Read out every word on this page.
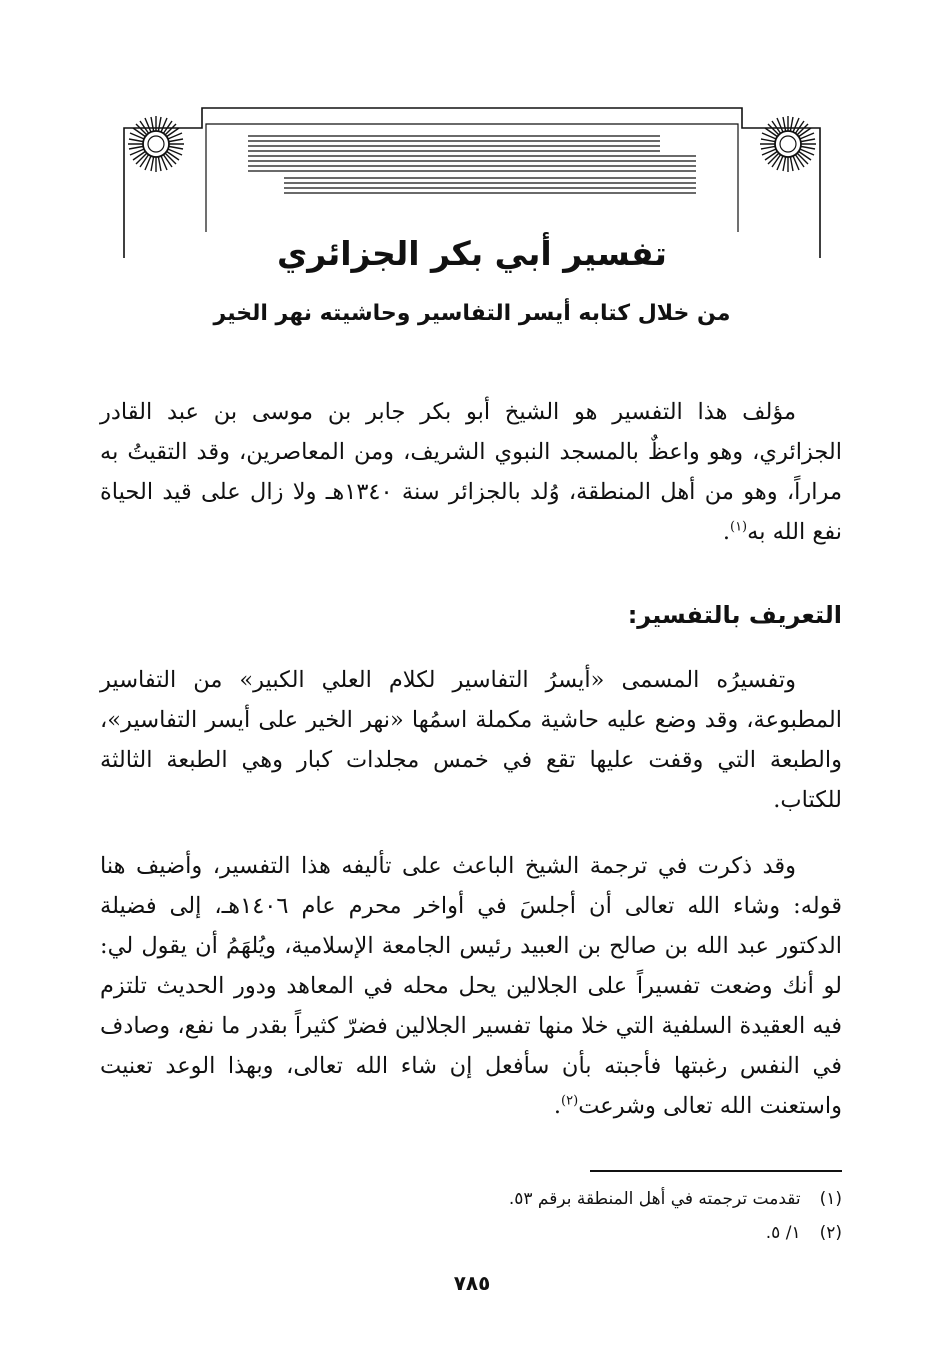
تفسير أبي بكر الجزائري
من خلال كتابه أيسر التفاسير وحاشيته نهر الخير

مؤلف هذا التفسير هو الشيخ أبو بكر جابر بن موسى بن عبد القادر الجزائري، وهو واعظٌ بالمسجد النبوي الشريف، ومن المعاصرين، وقد التقيتُ به مراراً، وهو من أهل المنطقة، وُلد بالجزائر سنة ١٣٤٠هـ ولا زال على قيد الحياة نفع الله به$^{(١)}$.

التعريف بالتفسير:

وتفسيرُه المسمى «أيسرُ التفاسير لكلام العلي الكبير» من التفاسير المطبوعة، وقد وضع عليه حاشية مكملة اسمُها «نهر الخير على أيسر التفاسير»، والطبعة التي وقفت عليها تقع في خمس مجلدات كبار وهي الطبعة الثالثة للكتاب.

وقد ذكرت في ترجمة الشيخ الباعث على تأليفه هذا التفسير، وأضيف هنا قوله: وشاء الله تعالى أن أجلسَ في أواخر محرم عام ١٤٠٦هـ، إلى فضيلة الدكتور عبد الله بن صالح بن العبيد رئيس الجامعة الإسلامية، ويُلهَمُ أن يقول لي: لو أنك وضعت تفسيراً على الجلالين يحل محله في المعاهد ودور الحديث تلتزم فيه العقيدة السلفية التي خلا منها تفسير الجلالين فضرّ كثيراً بقدر ما نفع، وصادف في النفس رغبتها فأجبته بأن سأفعل إن شاء الله تعالى، وبهذا الوعد تعنيت واستعنت الله تعالى وشرعت$^{(٢)}$.

(١) تقدمت ترجمته في أهل المنطقة برقم ٥٣.

(٢) ١/ ٥.

٧٨٥
